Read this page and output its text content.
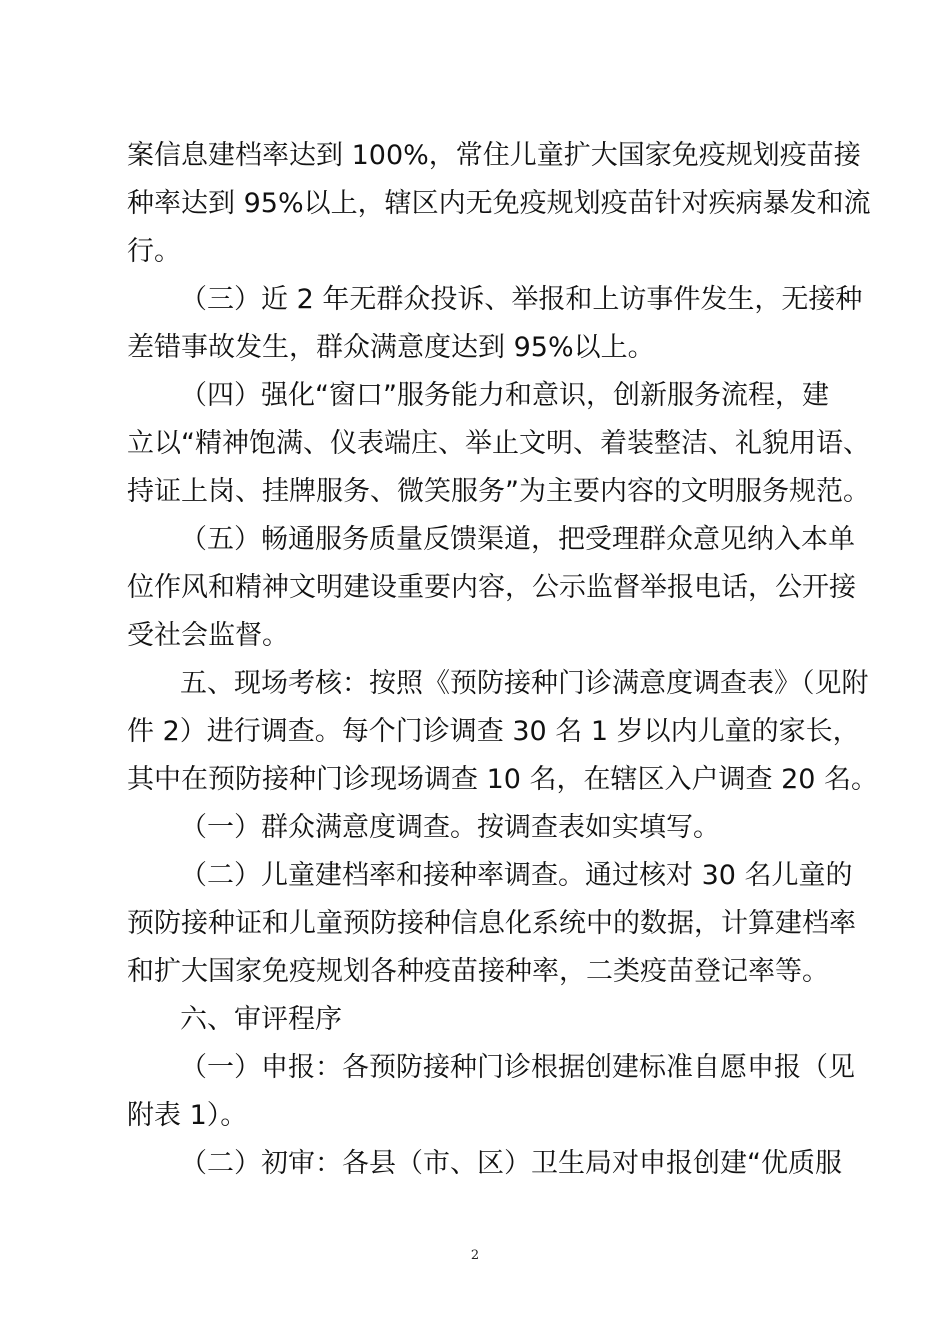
案信息建档率达到 100%，常住儿童扩大国家免疫规划疫苗接
种率达到 95%以上，辖区内无免疫规划疫苗针对疾病暴发和流
行。
（三）近 2 年无群众投诉、举报和上访事件发生，无接种
差错事故发生，群众满意度达到 95%以上。
（四）强化“窗口”服务能力和意识，创新服务流程，建
立以“精神饱满、仪表端庄、举止文明、着装整洁、礼貌用语、
持证上岗、挂牌服务、微笑服务”为主要内容的文明服务规范。
（五）畅通服务质量反馈渠道，把受理群众意见纳入本单
位作风和精神文明建设重要内容，公示监督举报电话，公开接
受社会监督。
五、现场考核：按照《预防接种门诊满意度调查表》（见附
件 2）进行调查。每个门诊调查 30 名 1 岁以内儿童的家长，
其中在预防接种门诊现场调查 10 名，在辖区入户调查 20 名。
（一）群众满意度调查。按调查表如实填写。
（二）儿童建档率和接种率调查。通过核对 30 名儿童的
预防接种证和儿童预防接种信息化系统中的数据，计算建档率
和扩大国家免疫规划各种疫苗接种率，二类疫苗登记率等。
六、审评程序
（一）申报：各预防接种门诊根据创建标准自愿申报（见
附表 1）。
（二）初审：各县（市、区）卫生局对申报创建“优质服
2
